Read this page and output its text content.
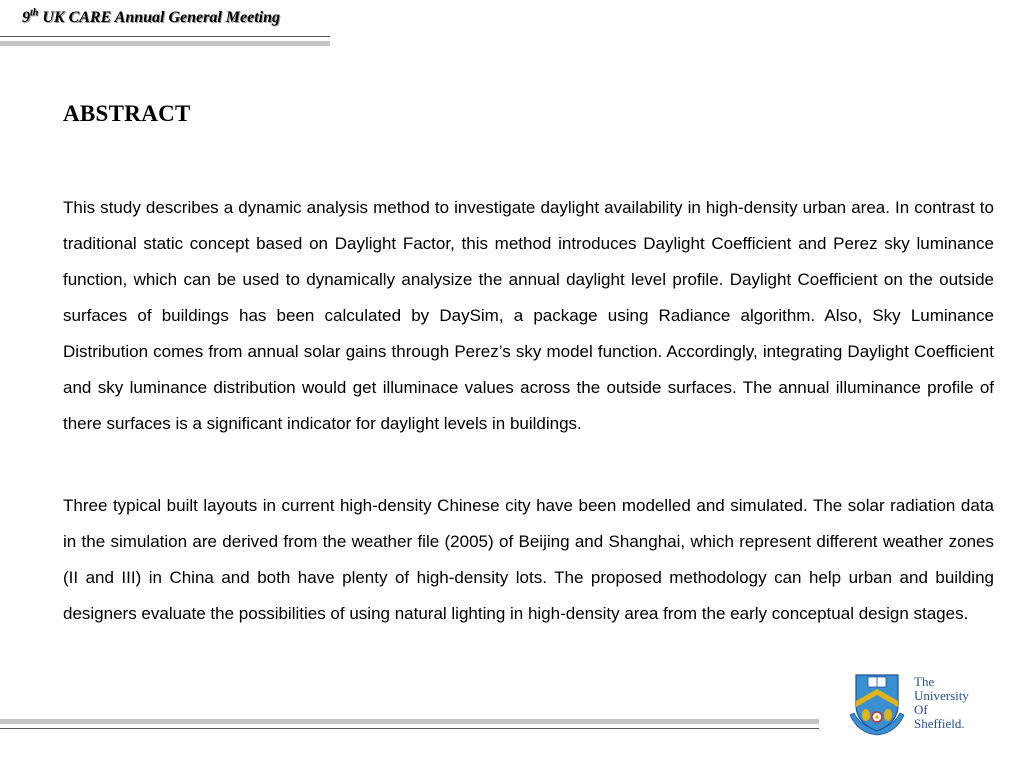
9th UK CARE Annual General Meeting
ABSTRACT

This study describes a dynamic analysis method to investigate daylight availability in high-density urban area. In contrast to traditional static concept based on Daylight Factor, this method introduces Daylight Coefficient and Perez sky luminance function, which can be used to dynamically analysize the annual daylight level profile. Daylight Coefficient on the outside surfaces of buildings has been calculated by DaySim, a package using Radiance algorithm. Also, Sky Luminance Distribution comes from annual solar gains through Perez’s sky model function. Accordingly, integrating Daylight Coefficient and sky luminance distribution would get illuminace values across the outside surfaces. The annual illuminance profile of there surfaces is a significant indicator for daylight levels in buildings.

Three typical built layouts in current high-density Chinese city have been modelled and simulated. The solar radiation data in the simulation are derived from the weather file (2005) of Beijing and Shanghai, which represent different weather zones (II and III) in China and both have plenty of high-density lots. The proposed methodology can help urban and building designers evaluate the possibilities of using natural lighting in high-density area from the early conceptual design stages.

The
University
Of
Sheffield.
